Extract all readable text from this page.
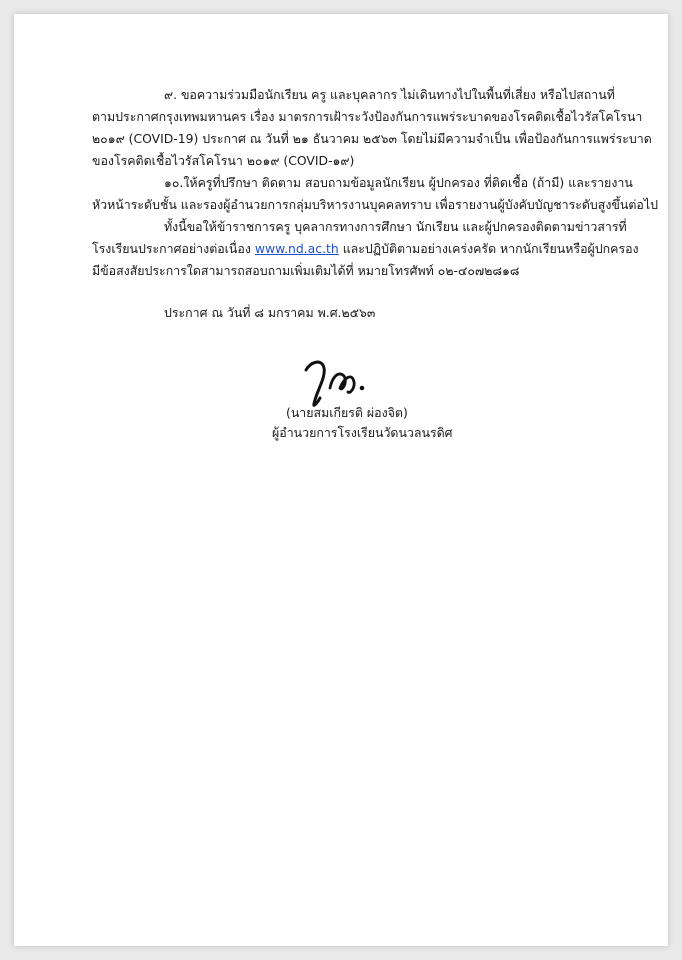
๙. ขอความร่วมมือนักเรียน ครู และบุคลากร ไม่เดินทางไปในพื้นที่เสี่ยง หรือไปสถานที่
ตามประกาศกรุงเทพมหานคร เรื่อง มาตรการเฝ้าระวังป้องกันการแพร่ระบาดของโรคติดเชื้อไวรัสโคโรนา
๒๐๑๙ (COVID-19) ประกาศ ณ วันที่ ๒๑ ธันวาคม ๒๕๖๓ โดยไม่มีความจำเป็น เพื่อป้องกันการแพร่ระบาด
ของโรคติดเชื้อไวรัสโคโรนา ๒๐๑๙ (COVID-๑๙)
๑๐.ให้ครูที่ปรึกษา ติดตาม สอบถามข้อมูลนักเรียน ผู้ปกครอง ที่ติดเชื้อ (ถ้ามี) และรายงาน
หัวหน้าระดับชั้น และรองผู้อำนวยการกลุ่มบริหารงานบุคคลทราบ เพื่อรายงานผู้บังคับบัญชาระดับสูงขึ้นต่อไป
ทั้งนี้ขอให้ข้าราชการครู บุคลากรทางการศึกษา นักเรียน และผู้ปกครองติดตามข่าวสารที่
โรงเรียนประกาศอย่างต่อเนื่อง www.nd.ac.th และปฏิบัติตามอย่างเคร่งครัด หากนักเรียนหรือผู้ปกครอง
มีข้อสงสัยประการใดสามารถสอบถามเพิ่มเติมได้ที่ หมายโทรศัพท์ ๐๒-๔๐๗๒๘๑๘
ประกาศ ณ วันที่ ๘ มกราคม พ.ศ.๒๕๖๓
(นายสมเกียรติ ผ่องจิต)
ผู้อำนวยการโรงเรียนวัดนวลนรดิศ
